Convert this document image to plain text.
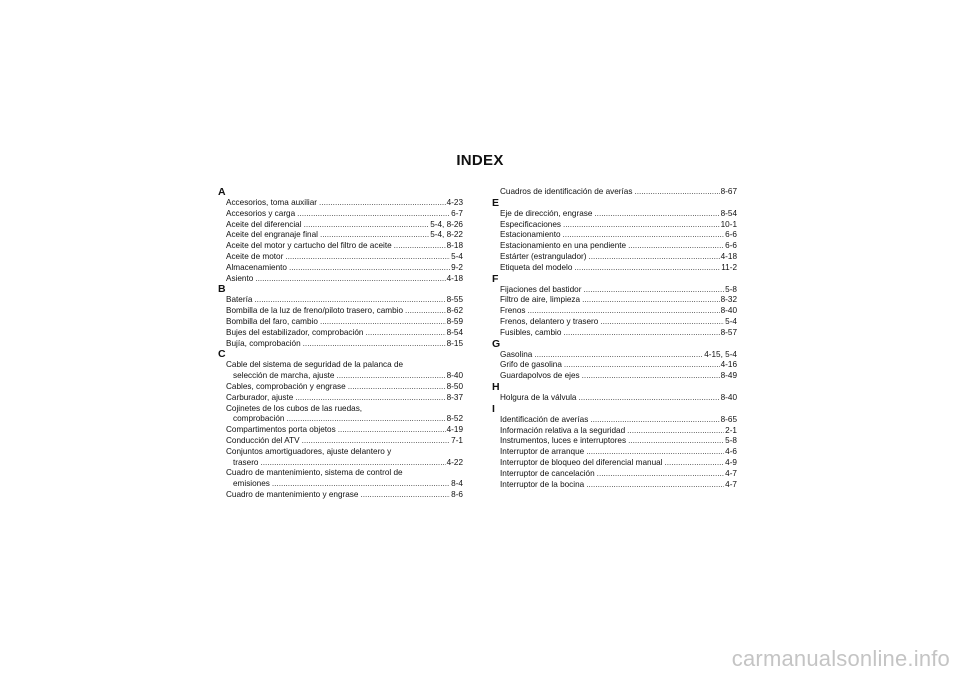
INDEX
A
Accesorios, toma auxiliar .....	4-23
Accesorios y carga .....	6-7
Aceite del diferencial .....	5-4, 8-26
Aceite del engranaje final .....	5-4, 8-22
Aceite del motor y cartucho del filtro de aceite .....	8-18
Aceite de motor .....	5-4
Almacenamiento .....	9-2
Asiento .....	4-18
B
Batería .....	8-55
Bombilla de la luz de freno/piloto trasero, cambio .....	8-62
Bombilla del faro, cambio .....	8-59
Bujes del estabilizador, comprobación .....	8-54
Bujía, comprobación .....	8-15
C
Cable del sistema de seguridad de la palanca de
selección de marcha, ajuste .....	8-40
Cables, comprobación y engrase .....	8-50
Carburador, ajuste .....	8-37
Cojinetes de los cubos de las ruedas,
comprobación .....	8-52
Compartimentos porta objetos .....	4-19
Conducción del ATV .....	7-1
Conjuntos amortiguadores, ajuste delantero y
trasero .....	4-22
Cuadro de mantenimiento, sistema de control de
emisiones .....	8-4
Cuadro de mantenimiento y engrase .....	8-6
Cuadros de identificación de averías .....	8-67
E
Eje de dirección, engrase .....	8-54
Especificaciones .....	10-1
Estacionamiento .....	6-6
Estacionamiento en una pendiente .....	6-6
Estárter (estrangulador) .....	4-18
Etiqueta del modelo .....	11-2
F
Fijaciones del bastidor .....	5-8
Filtro de aire, limpieza .....	8-32
Frenos .....	8-40
Frenos, delantero y trasero .....	5-4
Fusibles, cambio .....	8-57
G
Gasolina .....	4-15, 5-4
Grifo de gasolina .....	4-16
Guardapolvos de ejes .....	8-49
H
Holgura de la válvula .....	8-40
I
Identificación de averías .....	8-65
Información relativa a la seguridad .....	2-1
Instrumentos, luces e interruptores .....	5-8
Interruptor de arranque .....	4-6
Interruptor de bloqueo del diferencial manual .....	4-9
Interruptor de cancelación .....	4-7
Interruptor de la bocina .....	4-7
carmanualsonline.info
